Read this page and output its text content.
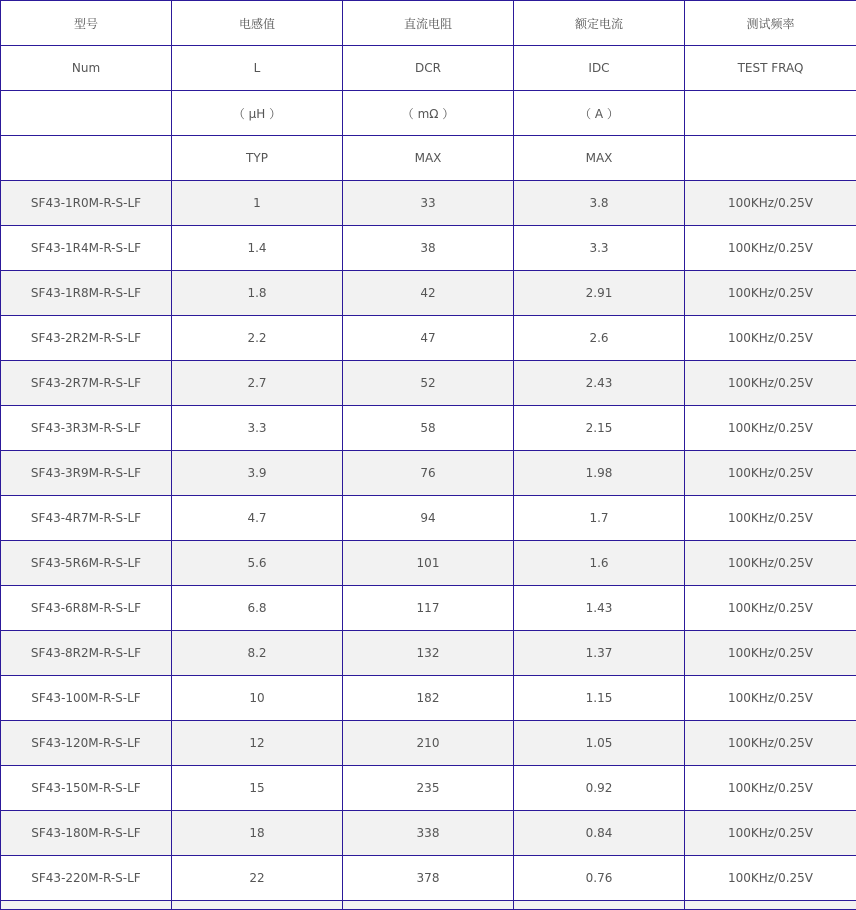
型号	电感值	直流电阻	额定电流	测试频率
Num	L	DCR	IDC	TEST FRAQ
	（ μH ）	（ mΩ ）	（ A ）	
	TYP	MAX	MAX	
SF43-1R0M-R-S-LF	1	33	3.8	100KHz/0.25V
SF43-1R4M-R-S-LF	1.4	38	3.3	100KHz/0.25V
SF43-1R8M-R-S-LF	1.8	42	2.91	100KHz/0.25V
SF43-2R2M-R-S-LF	2.2	47	2.6	100KHz/0.25V
SF43-2R7M-R-S-LF	2.7	52	2.43	100KHz/0.25V
SF43-3R3M-R-S-LF	3.3	58	2.15	100KHz/0.25V
SF43-3R9M-R-S-LF	3.9	76	1.98	100KHz/0.25V
SF43-4R7M-R-S-LF	4.7	94	1.7	100KHz/0.25V
SF43-5R6M-R-S-LF	5.6	101	1.6	100KHz/0.25V
SF43-6R8M-R-S-LF	6.8	117	1.43	100KHz/0.25V
SF43-8R2M-R-S-LF	8.2	132	1.37	100KHz/0.25V
SF43-100M-R-S-LF	10	182	1.15	100KHz/0.25V
SF43-120M-R-S-LF	12	210	1.05	100KHz/0.25V
SF43-150M-R-S-LF	15	235	0.92	100KHz/0.25V
SF43-180M-R-S-LF	18	338	0.84	100KHz/0.25V
SF43-220M-R-S-LF	22	378	0.76	100KHz/0.25V
